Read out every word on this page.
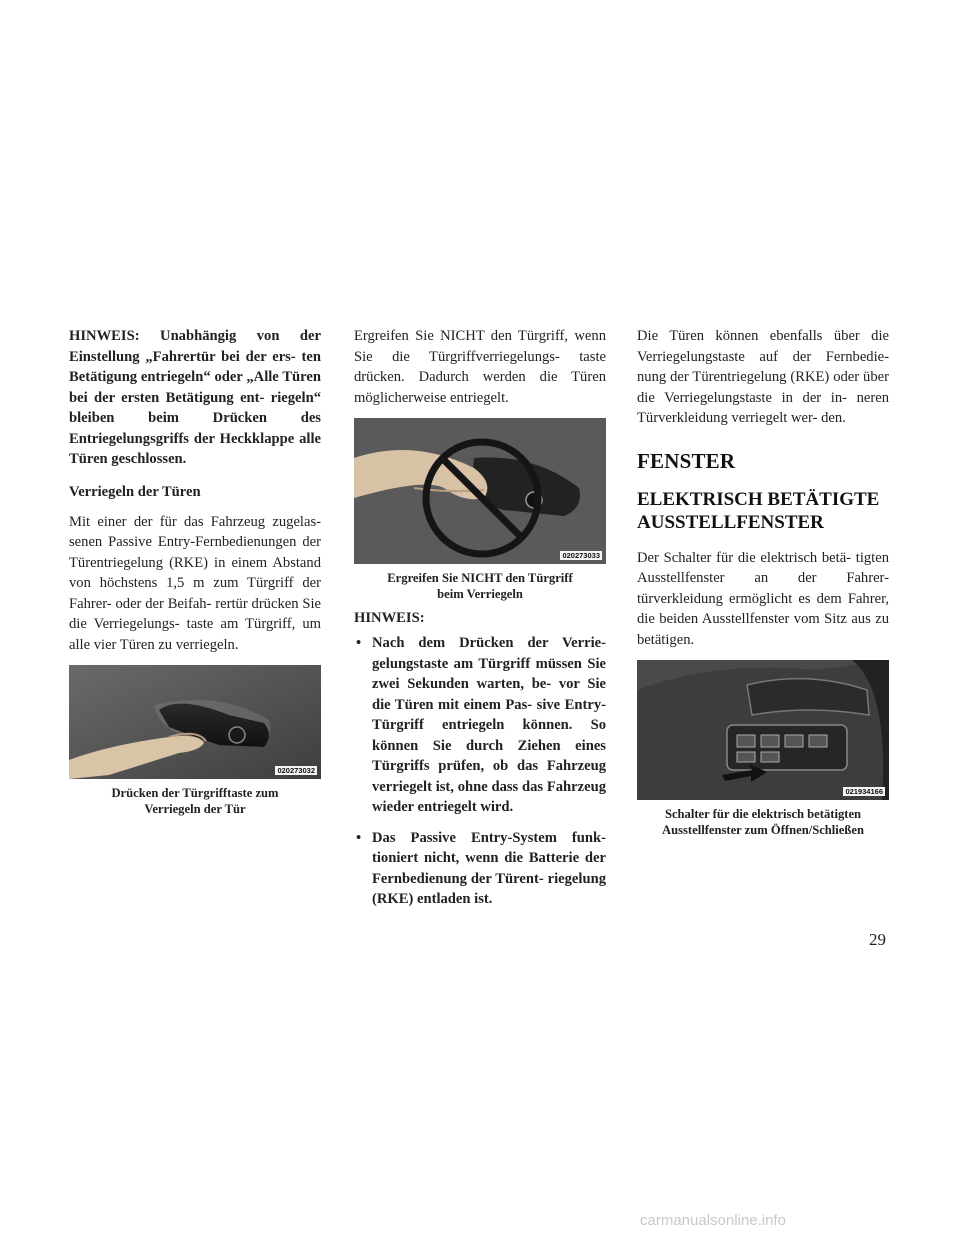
HINWEIS: Unabhängig von der Einstellung „Fahrertür bei der ers- ten Betätigung entriegeln“ oder „Alle Türen bei der ersten Betätigung ent- riegeln“ bleiben beim Drücken des Entriegelungsgriffs der Heckklappe alle Türen geschlossen.

Verriegeln der Türen

Mit einer der für das Fahrzeug zugelas- senen Passive Entry-Fernbedienungen der Türentriegelung (RKE) in einem Abstand von höchstens 1,5 m zum Türgriff der Fahrer- oder der Beifah- rertür drücken Sie die Verriegelungs- taste am Türgriff, um alle vier Türen zu verriegeln.

020273032
Drücken der Türgrifftaste zum
Verriegeln der Tür

Ergreifen Sie NICHT den Türgriff, wenn Sie die Türgriffverriegelungs- taste drücken. Dadurch werden die Türen möglicherweise entriegelt.

020273033
Ergreifen Sie NICHT den Türgriff
beim Verriegeln
HINWEIS:
• Nach dem Drücken der Verrie- gelungstaste am Türgriff müssen Sie zwei Sekunden warten, be- vor Sie die Türen mit einem Pas- sive Entry-Türgriff entriegeln können. So können Sie durch Ziehen eines Türgriffs prüfen, ob das Fahrzeug verriegelt ist, ohne dass das Fahrzeug wieder entriegelt wird.
• Das Passive Entry-System funk- tioniert nicht, wenn die Batterie der Fernbedienung der Türent- riegelung (RKE) entladen ist.

Die Türen können ebenfalls über die Verriegelungstaste auf der Fernbedie- nung der Türentriegelung (RKE) oder über die Verriegelungstaste in der in- neren Türverkleidung verriegelt wer- den.

FENSTER
ELEKTRISCH BETÄTIGTE
AUSSTELLFENSTER

Der Schalter für die elektrisch betä- tigten Ausstellfenster an der Fahrer- türverkleidung ermöglicht es dem Fahrer, die beiden Ausstellfenster vom Sitz aus zu betätigen.

021934166
Schalter für die elektrisch betätigten
Ausstellfenster zum Öffnen/Schließen
29
carmanualsonline.info
